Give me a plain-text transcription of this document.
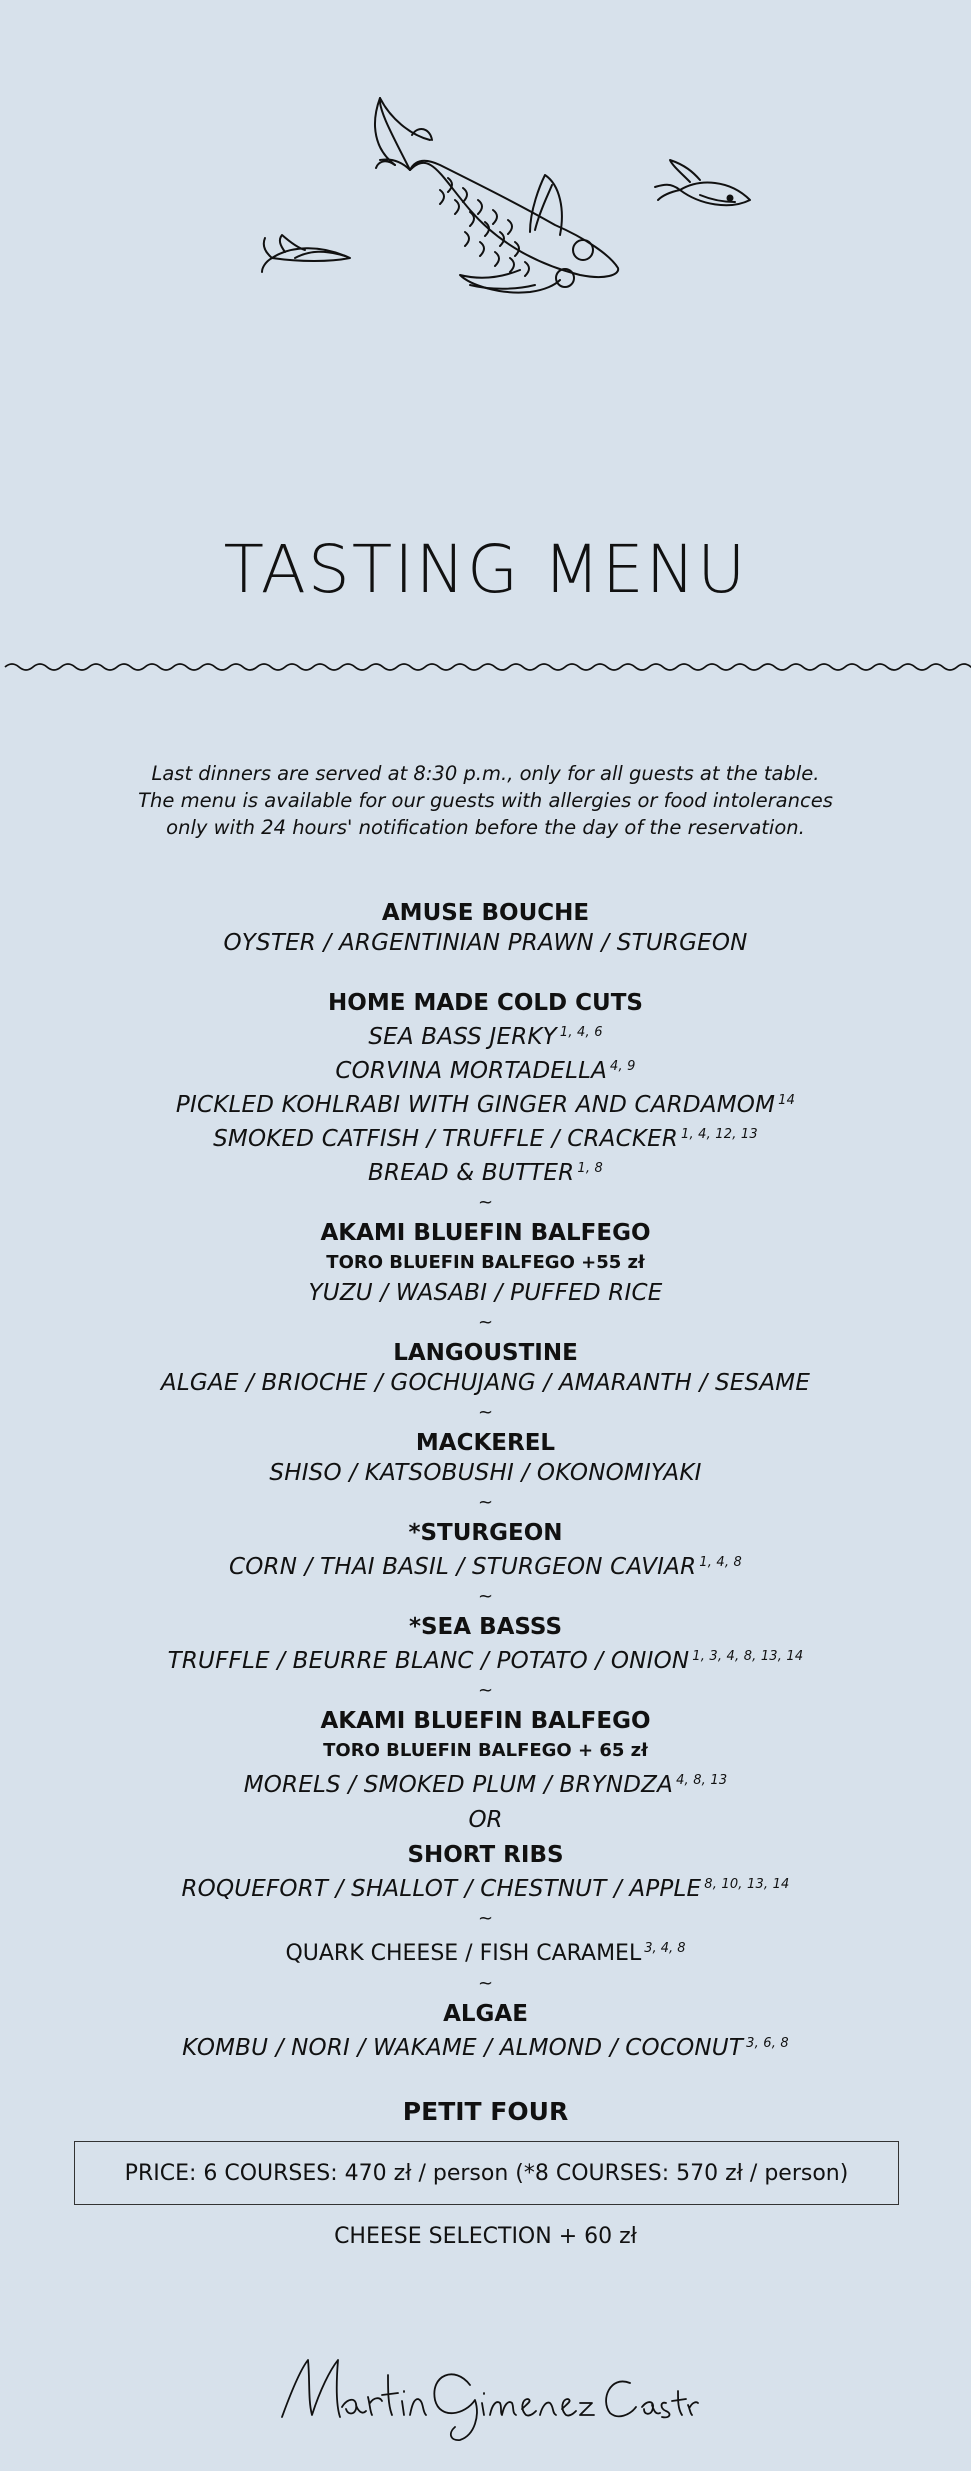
TASTING MENU
Last dinners are served at 8:30 p.m., only for all guests at the table.
The menu is available for our guests with allergies or food intolerances
only with 24 hours' notification before the day of the reservation.
AMUSE BOUCHE
OYSTER / ARGENTINIAN PRAWN / STURGEON
HOME MADE COLD CUTS
SEA BASS JERKY $^{1, 4, 6}$
CORVINA MORTADELLA $^{4, 9}$
PICKLED KOHLRABI WITH GINGER AND CARDAMOM $^{14}$
SMOKED CATFISH / TRUFFLE / CRACKER $^{1, 4, 12, 13}$
BREAD & BUTTER $^{1, 8}$
~
AKAMI BLUEFIN BALFEGO
TORO BLUEFIN BALFEGO +55 zł
YUZU / WASABI / PUFFED RICE
~
LANGOUSTINE
ALGAE / BRIOCHE / GOCHUJANG / AMARANTH / SESAME
~
MACKEREL
SHISO / KATSOBUSHI / OKONOMIYAKI
~
*STURGEON
CORN / THAI BASIL / STURGEON CAVIAR $^{1, 4, 8}$
~
*SEA BASSS
TRUFFLE / BEURRE BLANC / POTATO / ONION $^{1, 3, 4, 8, 13, 14}$
~
AKAMI BLUEFIN BALFEGO
TORO BLUEFIN BALFEGO + 65 zł
MORELS / SMOKED PLUM / BRYNDZA $^{4, 8, 13}$
OR
SHORT RIBS
ROQUEFORT / SHALLOT / CHESTNUT / APPLE $^{8, 10, 13, 14}$
~
QUARK CHEESE / FISH CARAMEL $^{3, 4, 8}$
~
ALGAE
KOMBU / NORI / WAKAME / ALMOND / COCONUT $^{3, 6, 8}$
PETIT FOUR
PRICE: 6 COURSES: 470 zł / person (*8 COURSES: 570 zł / person)
CHEESE SELECTION + 60 zł
